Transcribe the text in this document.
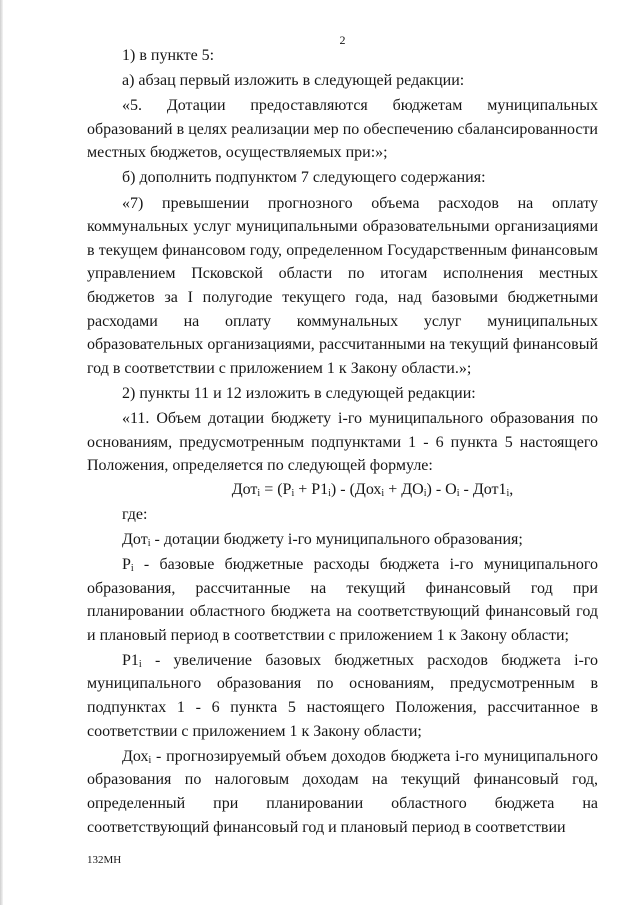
2

1) в пункте 5:

а) абзац первый изложить в следующей редакции:

«5. Дотации предоставляются бюджетам муниципальных образований в целях реализации мер по обеспечению сбалансированности местных бюджетов, осуществляемых при:»;

б) дополнить подпунктом 7 следующего содержания:

«7) превышении прогнозного объема расходов на оплату коммунальных услуг муниципальными образовательными организациями в текущем финансовом году, определенном Государственным финансовым управлением Псковской области по итогам исполнения местных бюджетов за I полугодие текущего года, над базовыми бюджетными расходами на оплату коммунальных услуг муниципальных образовательных организациями, рассчитанными на текущий финансовый год в соответствии с приложением 1 к Закону области.»;

2) пункты 11 и 12 изложить в следующей редакции:

«11. Объем дотации бюджету i-го муниципального образования по основаниям, предусмотренным подпунктами 1 - 6 пункта 5 настоящего Положения, определяется по следующей формуле:

$Дот_i = (P_i + P1_i) - (Дох_i + ДО_i) - O_i - Дот1_i$,

где:

Дот$_i$ - дотации бюджету i-го муниципального образования;

$P_i$ - базовые бюджетные расходы бюджета i-го муниципального образования, рассчитанные на текущий финансовый год при планировании областного бюджета на соответствующий финансовый год и плановый период в соответствии с приложением 1 к Закону области;

$P1_i$ - увеличение базовых бюджетных расходов бюджета i-го муниципального образования по основаниям, предусмотренным в подпунктах 1 - 6 пункта 5 настоящего Положения, рассчитанное в соответствии с приложением 1 к Закону области;

Дох$_i$ - прогнозируемый объем доходов бюджета i-го муниципального образования по налоговым доходам на текущий финансовый год, определенный при планировании областного бюджета на соответствующий финансовый год и плановый период в соответствии

132МН
